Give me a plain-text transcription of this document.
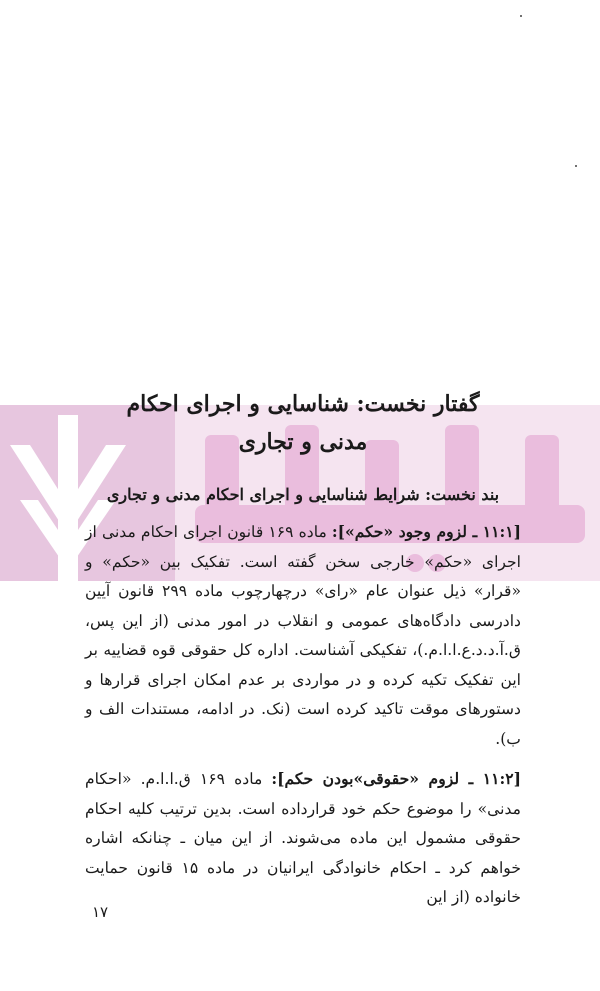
گفتار نخست: شناسایی و اجرای احکام
مدنی و تجاری
بند نخست: شرایط شناسایی و اجرای احکام مدنی و تجاری

[۱۱:۱ ـ لزوم وجود «حکم»]: ماده ۱۶۹ قانون اجرای احکام مدنی از اجرای «حکم» خارجی سخن گفته است. تفکیک بین «حکم» و «قرار» ذیل عنوان عام «رای» درچهارچوب ماده ۲۹۹ قانون آیین دادرسی دادگاه‌های عمومی و انقلاب در امور مدنی (از این پس، ق.آ.د.د.ع.ا.ا.م.)، تفکیکی آشناست. اداره کل حقوقی قوه قضاییه بر این تفکیک تکیه کرده و در مواردی بر عدم امکان اجرای قرارها و دستورهای موقت تاکید کرده است (نک. در ادامه، مستندات الف و ب).

[۱۱:۲ ـ لزوم «حقوقی»بودن حکم]: ماده ۱۶۹ ق.ا.ا.م. «احکام مدنی» را موضوع حکم خود قرارداده است. بدین ترتیب کلیه احکام حقوقی مشمول این ماده می‌شوند. از این میان ـ چنانکه اشاره خواهم کرد ـ احکام خانوادگی ایرانیان در ماده ۱۵ قانون حمایت خانواده (از این

۱۷
